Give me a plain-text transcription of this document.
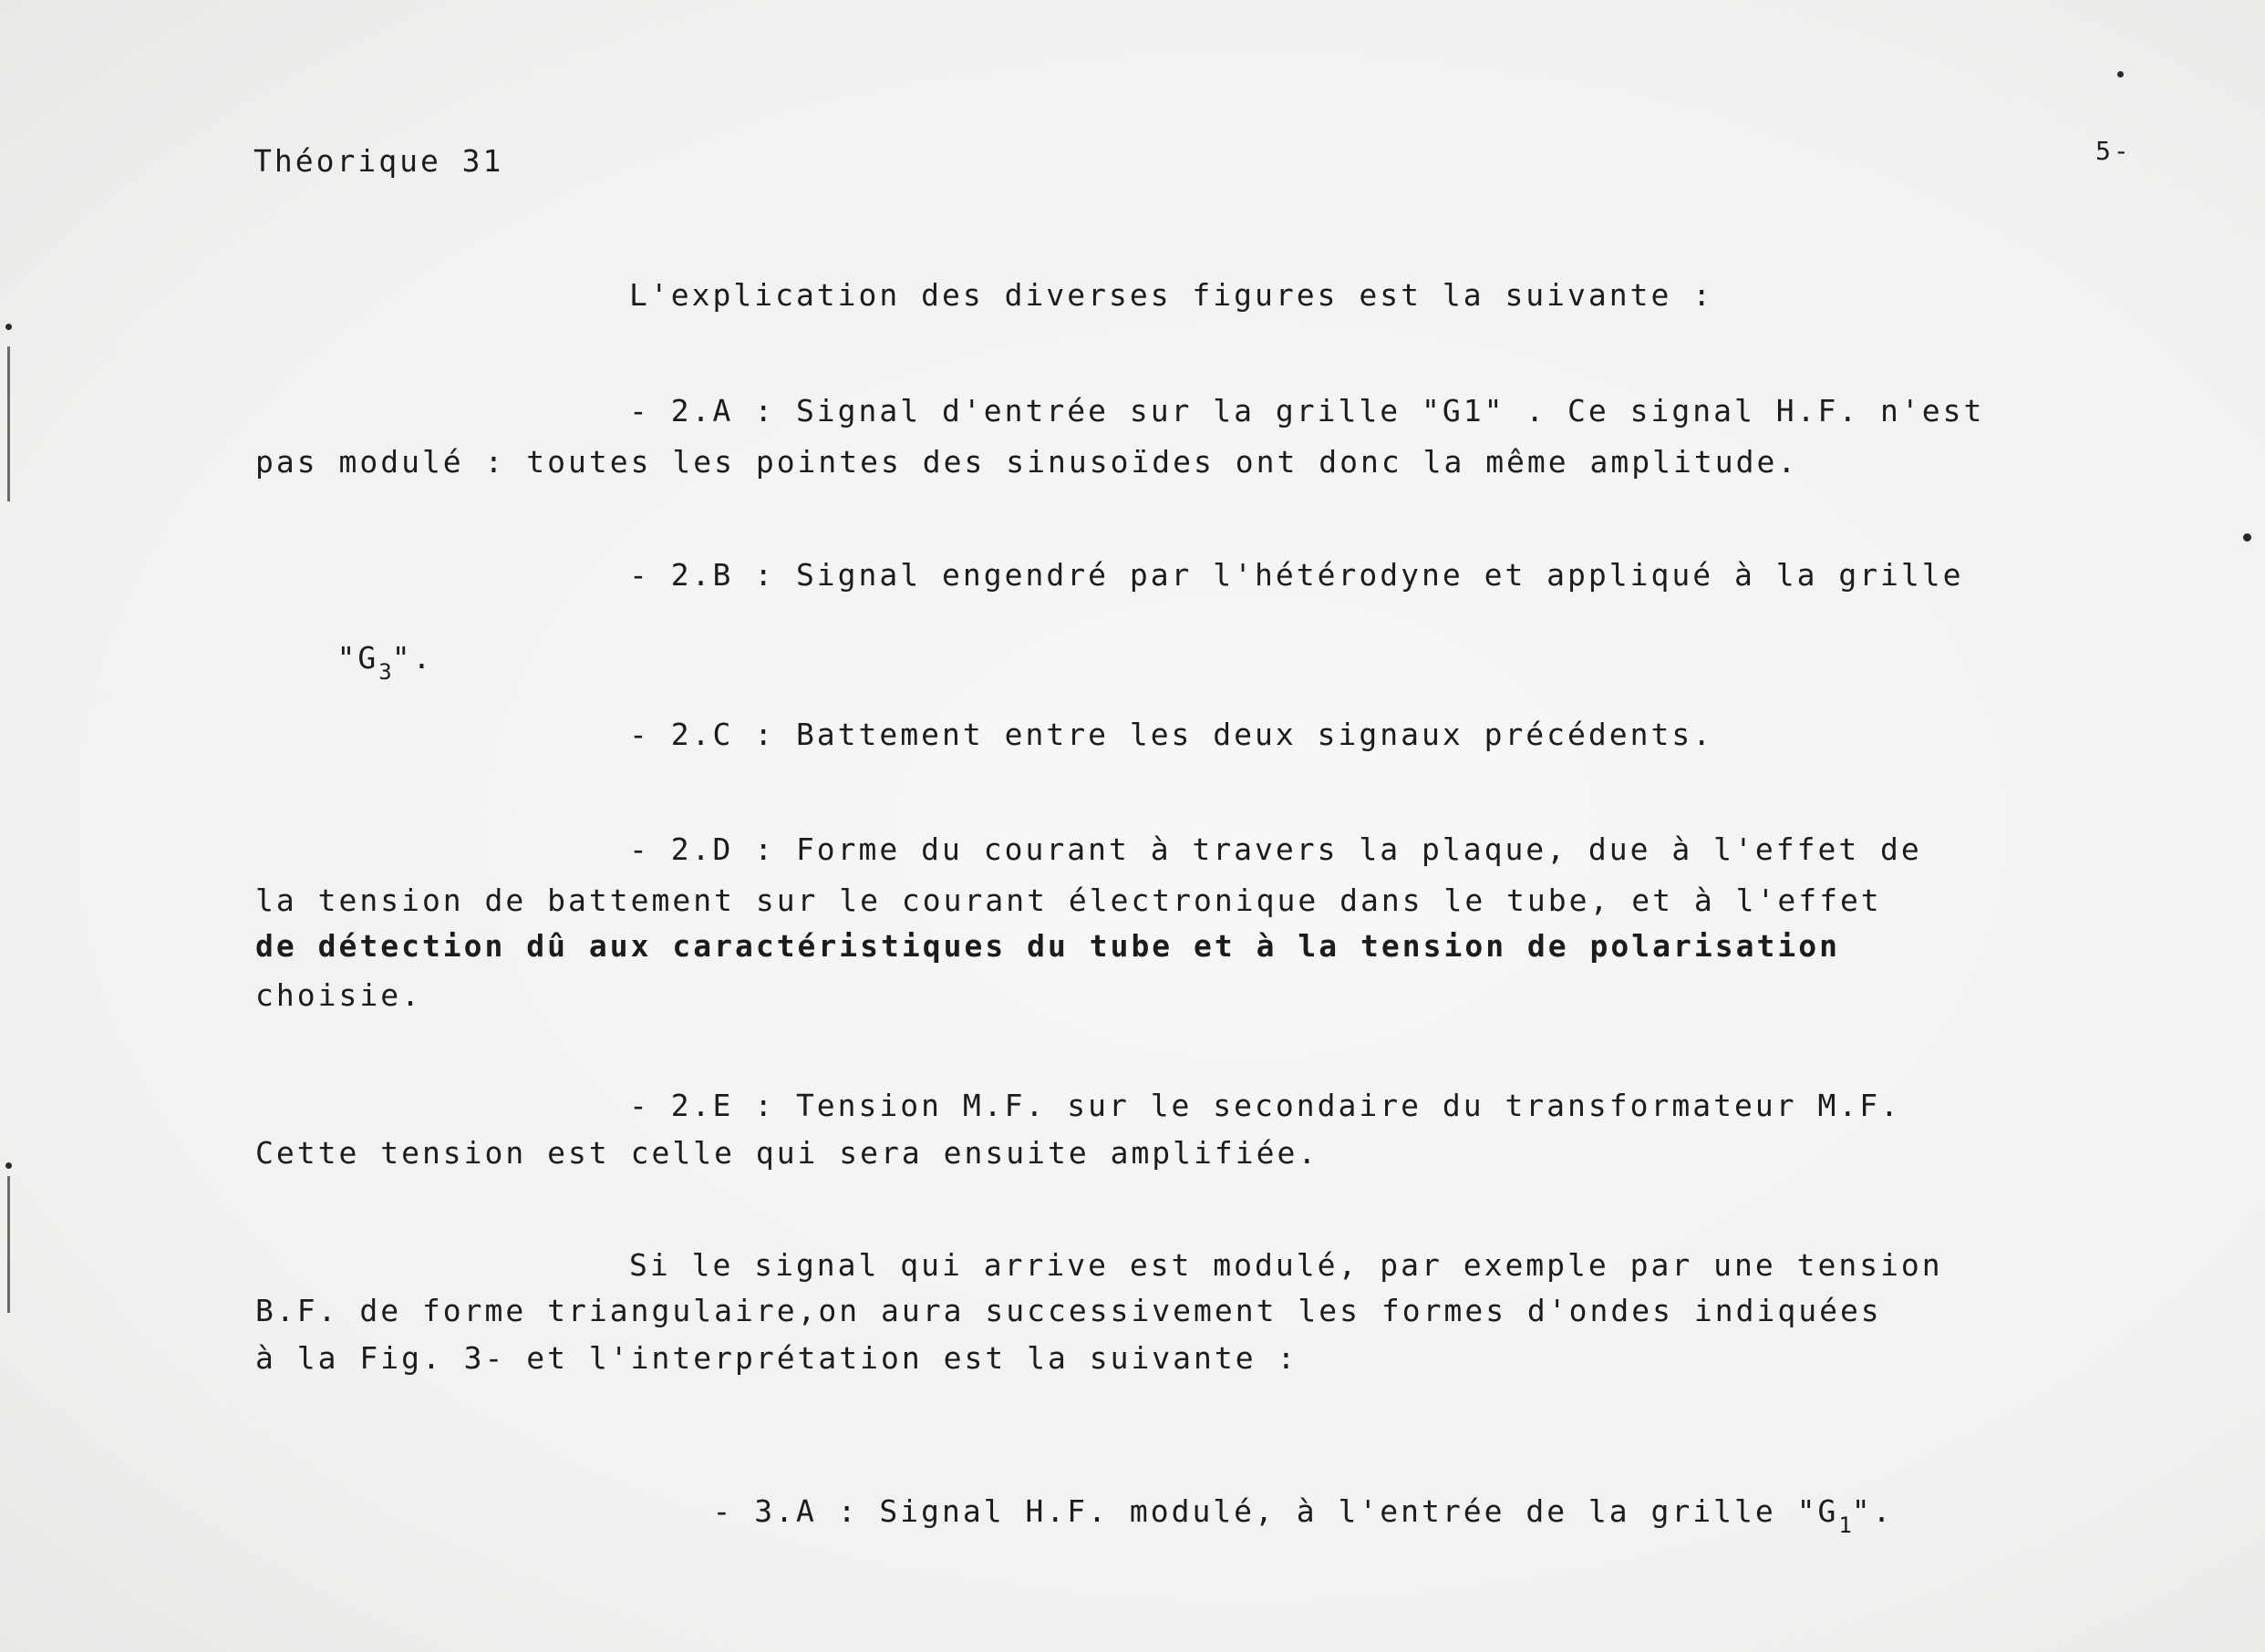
Théorique 31	5-
L'explication des diverses figures est la suivante :
- 2.A : Signal d'entrée sur la grille "G1" . Ce signal H.F. n'est
pas modulé : toutes les pointes des sinusoïdes ont donc la même amplitude.
- 2.B : Signal engendré par l'hétérodyne et appliqué à la grille

"$G_3$".

- 2.C : Battement entre les deux signaux précédents.
- 2.D : Forme du courant à travers la plaque, due à l'effet de
la tension de battement sur le courant électronique dans le tube, et à l'effet
de détection dû aux caractéristiques du tube et à la tension de polarisation
choisie.
- 2.E : Tension M.F. sur le secondaire du transformateur M.F.
Cette tension est celle qui sera ensuite amplifiée.
Si le signal qui arrive est modulé, par exemple par une tension
B.F. de forme triangulaire,on aura successivement les formes d'ondes indiquées
à la Fig. 3- et l'interprétation est la suivante :

- 3.A : Signal H.F. modulé, à l'entrée de la grille "$G_1$".
